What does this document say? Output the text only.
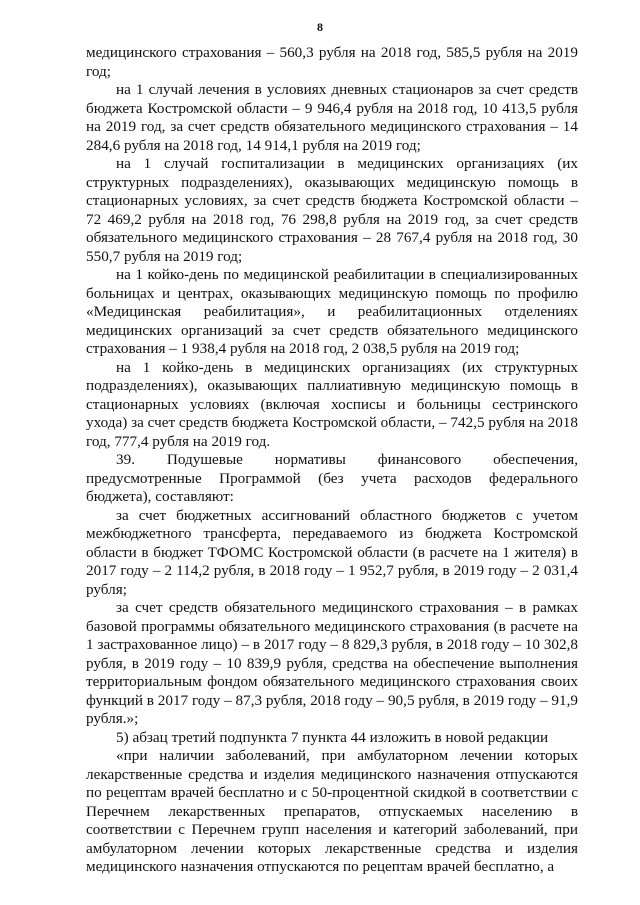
8

медицинского страхования – 560,3 рубля на 2018 год, 585,5 рубля на 2019 год;

на 1 случай лечения в условиях дневных стационаров за счет средств бюджета Костромской области – 9 946,4 рубля на 2018 год, 10 413,5 рубля на 2019 год, за счет средств обязательного медицинского страхования – 14 284,6 рубля на 2018 год, 14 914,1 рубля на 2019 год;

на 1 случай госпитализации в медицинских организациях (их структурных подразделениях), оказывающих медицинскую помощь в стационарных условиях, за счет средств бюджета Костромской области – 72 469,2 рубля на 2018 год, 76 298,8 рубля на 2019 год, за счет средств обязательного медицинского страхования – 28 767,4 рубля на 2018 год, 30 550,7 рубля на 2019 год;

на 1 койко-день по медицинской реабилитации в специализированных больницах и центрах, оказывающих медицинскую помощь по профилю «Медицинская реабилитация», и реабилитационных отделениях медицинских организаций за счет средств обязательного медицинского страхования – 1 938,4 рубля на 2018 год, 2 038,5 рубля на 2019 год;

на 1 койко-день в медицинских организациях (их структурных подразделениях), оказывающих паллиативную медицинскую помощь в стационарных условиях (включая хосписы и больницы сестринского ухода) за счет средств бюджета Костромской области, – 742,5 рубля на 2018 год, 777,4 рубля на 2019 год.

39. Подушевые нормативы финансового обеспечения, предусмотренные Программой (без учета расходов федерального бюджета), составляют:

за счет бюджетных ассигнований областного бюджетов с учетом межбюджетного трансферта, передаваемого из бюджета Костромской области в бюджет ТФОМС Костромской области (в расчете на 1 жителя) в 2017 году – 2 114,2 рубля, в 2018 году – 1 952,7 рубля, в 2019 году – 2 031,4 рубля;

за счет средств обязательного медицинского страхования – в рамках базовой программы обязательного медицинского страхования (в расчете на 1 застрахованное лицо) – в 2017 году – 8 829,3 рубля, в 2018 году – 10 302,8 рубля, в 2019 году – 10 839,9 рубля, средства на обеспечение выполнения территориальным фондом обязательного медицинского страхования своих функций в 2017 году – 87,3 рубля, 2018 году – 90,5 рубля, в 2019 году – 91,9 рубля.»;

5) абзац третий подпункта 7 пункта 44 изложить в новой редакции

«при наличии заболеваний, при амбулаторном лечении которых лекарственные средства и изделия медицинского назначения отпускаются по рецептам врачей бесплатно и с 50-процентной скидкой в соответствии с Перечнем лекарственных препаратов, отпускаемых населению в соответствии с Перечнем групп населения и категорий заболеваний, при амбулаторном лечении которых лекарственные средства и изделия медицинского назначения отпускаются по рецептам врачей бесплатно, а
